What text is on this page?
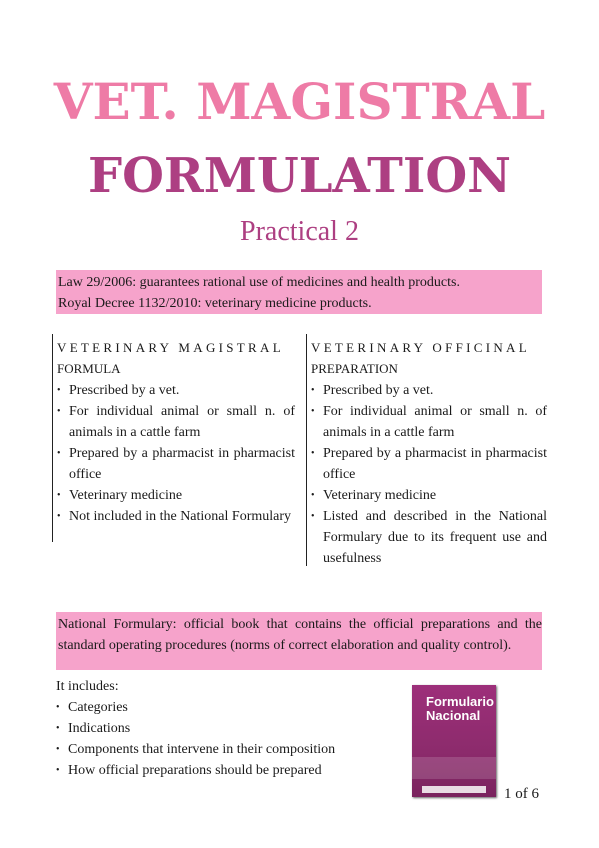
VET. MAGISTRAL
FORMULATION
Practical 2
Law 29/2006: guarantees rational use of medicines and health products.
Royal Decree 1132/2010: veterinary medicine products.
VETERINARY MAGISTRAL
FORMULA
• Prescribed by a vet.
• For individual animal or small n. of animals in a cattle farm
• Prepared by a pharmacist in pharmacist office
• Veterinary medicine
• Not included in the National Formulary
VETERINARY OFFICINAL
PREPARATION
• Prescribed by a vet.
• For individual animal or small n. of animals in a cattle farm
• Prepared by a pharmacist in pharmacist office
• Veterinary medicine
• Listed and described in the National Formulary due to its frequent use and usefulness
National Formulary: official book that contains the official preparations and the standard operating procedures (norms of correct elaboration and quality control).
It includes:
• Categories
• Indications
• Components that intervene in their composition
• How official preparations should be prepared
Formulario
Nacional
1 of 6
